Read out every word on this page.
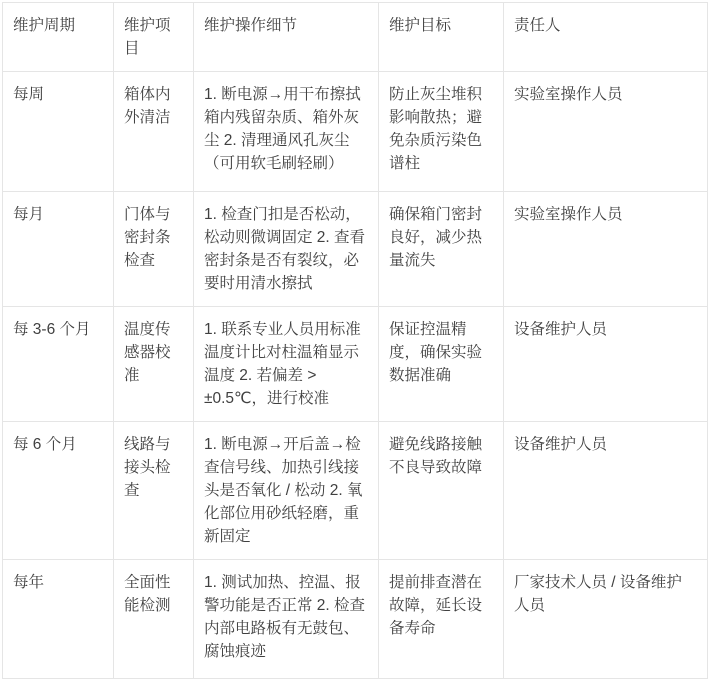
维护周期	维护项目	维护操作细节	维护目标	责任人
每周	箱体内外清洁	1. 断电源→用干布擦拭箱内残留杂质、箱外灰尘 2. 清理通风孔灰尘（可用软毛刷轻刷）	防止灰尘堆积影响散热；避免杂质污染色谱柱	实验室操作人员
每月	门体与密封条检查	1. 检查门扣是否松动，松动则微调固定 2. 查看密封条是否有裂纹，必要时用清水擦拭	确保箱门密封良好，减少热量流失	实验室操作人员
每 3-6 个月	温度传感器校准	1. 联系专业人员用标准温度计比对柱温箱显示温度 2. 若偏差 > ±0.5℃，进行校准	保证控温精度，确保实验数据准确	设备维护人员
每 6 个月	线路与接头检查	1. 断电源→开后盖→检查信号线、加热引线接头是否氧化 / 松动 2. 氧化部位用砂纸轻磨，重新固定	避免线路接触不良导致故障	设备维护人员
每年	全面性能检测	1. 测试加热、控温、报警功能是否正常 2. 检查内部电路板有无鼓包、腐蚀痕迹	提前排查潜在故障，延长设备寿命	厂家技术人员 / 设备维护人员
